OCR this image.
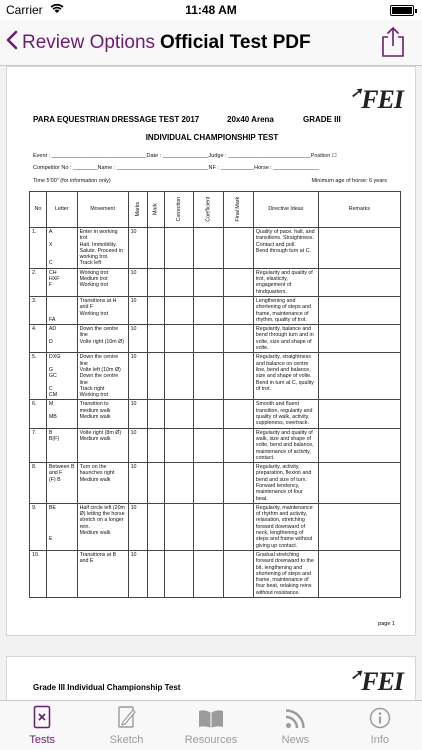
Carrier	11:48 AM
Review Options Official Test PDF
➚FEI
PARA EQUESTRIAN DRESSAGE TEST 2017	20x40 Arena	GRADE III
INDIVIDUAL CHAMPIONSHIP TEST
Event : _______________________________Date : _______________Judge : ___________________________Position ☐
Competitor No : ________Name : ______________________________NF : ___________Horse : _______________
Time 5'00" (for information only)	Minimum age of horse: 6 years
No	Letter	Movement	Marks	Mark	Correction	Coefficient	Final Mark	Directive Ideas	Remarks
1.	A

X

C	Enter in working trot
Halt. Immobility. Salute. Proceed in working trot.
Track left	10					Quality of pace, halt, and transitions. Straightness. Contact and poll.
Bend through turn at C.	
2.	CH
HXF
F	Working trot
Medium trot
Working trot	10					Regularity and quality of trot, elasticity, engagement of hindquarters.	
3.	

FA	Transitions at H and F
Working trot	10					Lengthening and shortening of steps and frame, maintenance of rhythm, quality of trot.	
4.	AD

D	Down the centre line
Volte right (10m Ø)	10					Regularity, balance and bend through turn and in volte, size and shape of volte.	
5.	DXG

G
GC

C
CM	Down the centre line
Volte left (10m Ø)
Down the centre line
Track right
Working trot	10					Regularity, straightness and balance on centre line, bend and balance, size and shape of volte. Bend in turn at C, quality of trot.	
6.	M

MB	Transition to medium walk
Medium walk	10					Smooth and fluent transition, regularity and quality of walk, activity, suppleness, overtrack.	
7.	B
B(F)	Volte right (8m Ø)
Medium walk	10					Regularity and quality of walk, size and shape of volte, bend and balance, maintenance of activity, contact.	
8.	Between B and F
(F) B	Turn on the haunches right
Medium walk	10					Regularity, activity, preparation, flexion and bend and size of turn. Forward tendency, maintenance of four beat.	
9.	BE

E	Half circle left (20m Ø) letting the horse stretch on a longer rein.
Medium walk	10					Regularity, maintenance of rhythm and activity, relaxation, stretching forward downward of neck, lengthening of steps and frame without giving up contact.	
10.		Transitions at B and E	10					Gradual stretching forward downward to the bit, lengthening and shortening of steps and frame, maintenance of four beat, retaking reins without resistance.	
page 1
Grade III Individual Championship Test
➚FEI
Tests	Sketch	Resources	News	Info
